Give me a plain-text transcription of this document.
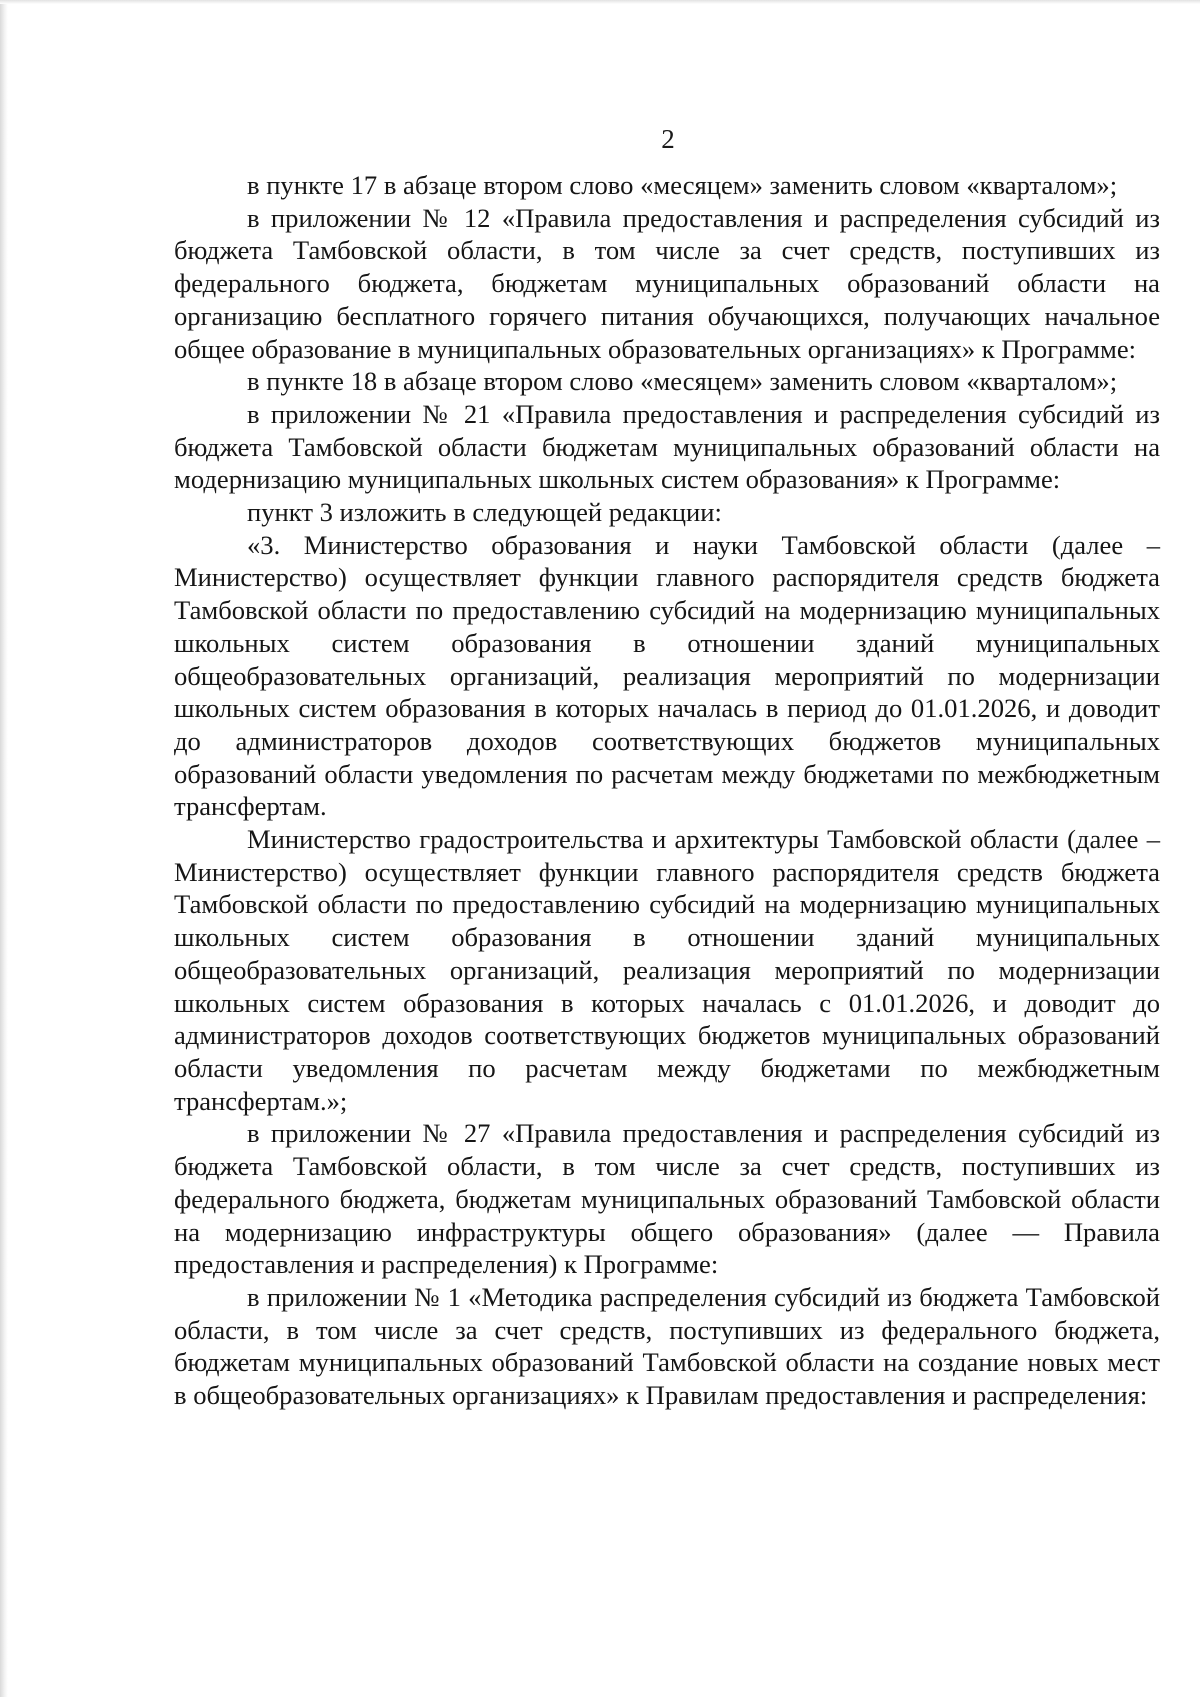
2

в пункте 17 в абзаце втором слово «месяцем» заменить словом «кварталом»;

в приложении № 12 «Правила предоставления и распределения субсидий из бюджета Тамбовской области, в том числе за счет средств, поступивших из федерального бюджета, бюджетам муниципальных образований области на организацию бесплатного горячего питания обучающихся, получающих начальное общее образование в муниципальных образовательных организациях» к Программе:

в пункте 18 в абзаце втором слово «месяцем» заменить словом «кварталом»;

в приложении № 21 «Правила предоставления и распределения субсидий из бюджета Тамбовской области бюджетам муниципальных образований области на модернизацию муниципальных школьных систем образования» к Программе:

пункт 3 изложить в следующей редакции:

«3. Министерство образования и науки Тамбовской области (далее – Министерство) осуществляет функции главного распорядителя средств бюджета Тамбовской области по предоставлению субсидий на модернизацию муниципальных школьных систем образования в отношении зданий муниципальных общеобразовательных организаций, реализация мероприятий по модернизации школьных систем образования в которых началась в период до 01.01.2026, и доводит до администраторов доходов соответствующих бюджетов муниципальных образований области уведомления по расчетам между бюджетами по межбюджетным трансфертам.

Министерство градостроительства и архитектуры Тамбовской области (далее – Министерство) осуществляет функции главного распорядителя средств бюджета Тамбовской области по предоставлению субсидий на модернизацию муниципальных школьных систем образования в отношении зданий муниципальных общеобразовательных организаций, реализация мероприятий по модернизации школьных систем образования в которых началась с 01.01.2026, и доводит до администраторов доходов соответствующих бюджетов муниципальных образований области уведомления по расчетам между бюджетами по межбюджетным трансфертам.»;

в приложении № 27 «Правила предоставления и распределения субсидий из бюджета Тамбовской области, в том числе за счет средств, поступивших из федерального бюджета, бюджетам муниципальных образований Тамбовской области на модернизацию инфраструктуры общего образования» (далее — Правила предоставления и распределения) к Программе:

в приложении № 1 «Методика распределения субсидий из бюджета Тамбовской области, в том числе за счет средств, поступивших из федерального бюджета, бюджетам муниципальных образований Тамбовской области на создание новых мест в общеобразовательных организациях» к Правилам предоставления и распределения:
